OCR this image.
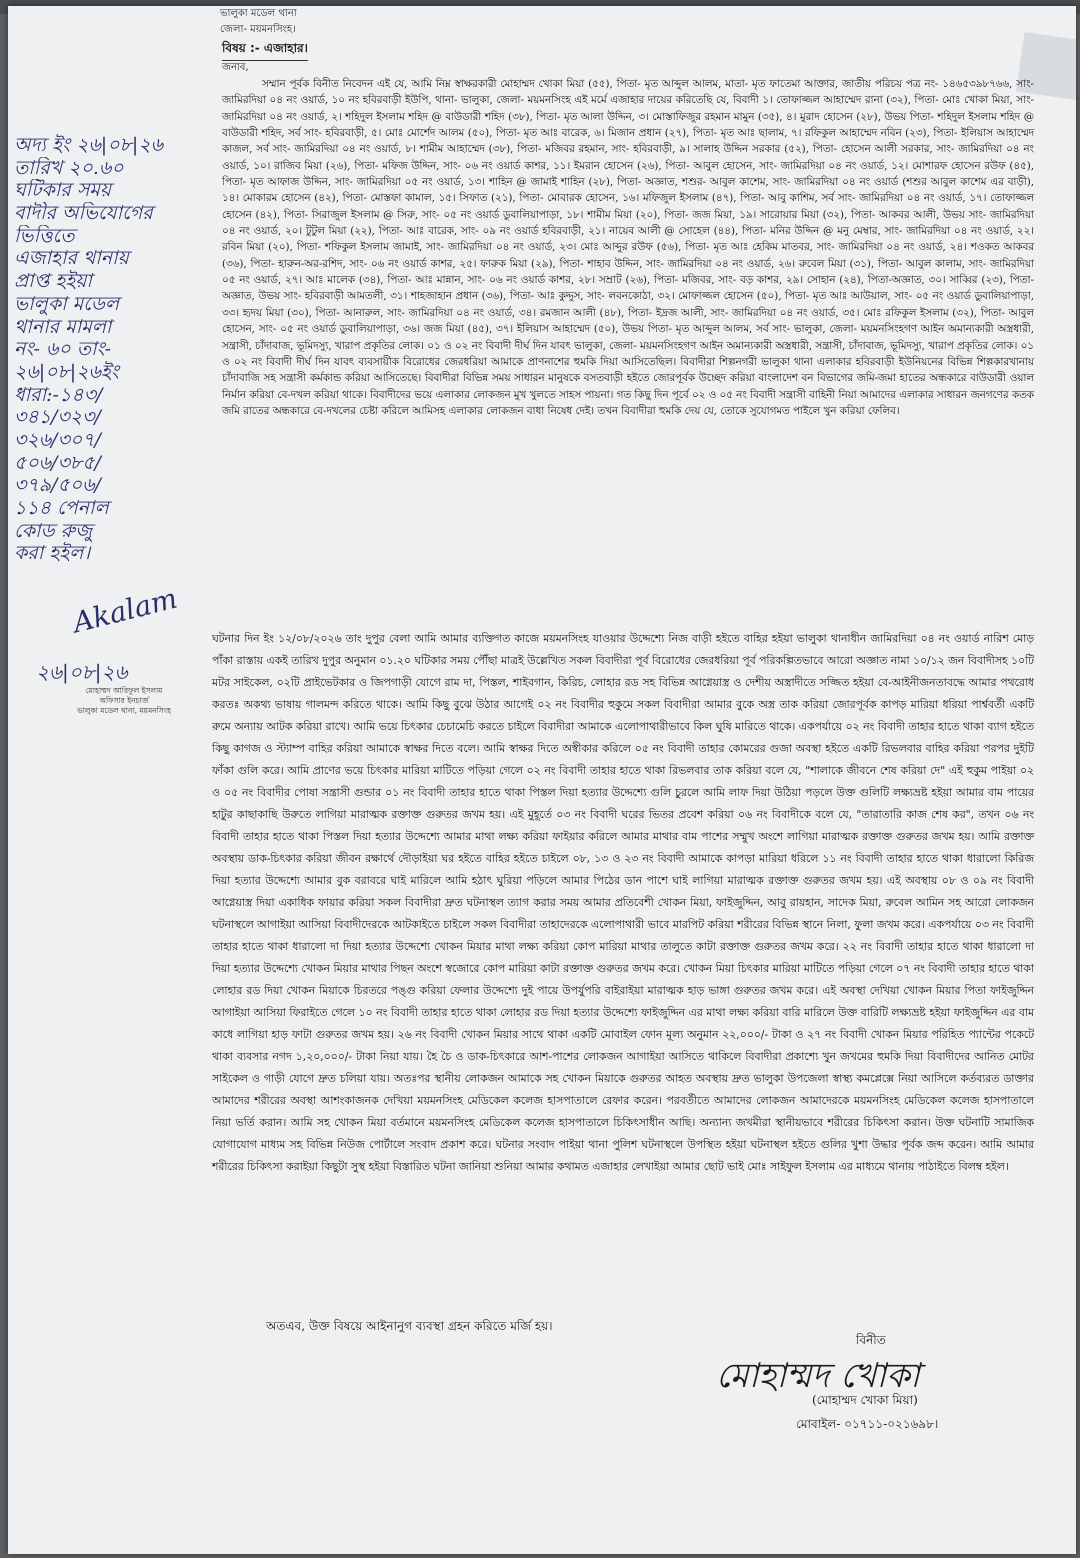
ভালুকা মডেল থানা
জেলা- ময়মনসিংহ।
বিষয় :- এজাহার।
জনাব,
অদ্য ইং ২৬|০৮|২৬
তারিখ ২০.৬০
ঘটিকার সময়
বাদীর অভিযোগের
ভিত্তিতে
এজাহার থানায়
প্রাপ্ত হইয়া
ভালুকা মডেল
থানার মামলা
নং- ৬০ তাং-
২৬|০৮|২৬ইং
ধারা:-১৪৩/
৩৪১/৩২৩/
৩২৬/৩০৭/
৫০৬/৩৮৫/
৩৭৯/৫০৬/
১১৪ পেনাল
কোড রুজু
করা হইল।
Akalam
২৬|০৮|২৬
মোহাম্মদ আরিফুল ইসলাম
অফিসার ইনচার্জ
ভালুকা মডেল থানা, ময়মনসিংহ

সম্মান পূর্বক বিনীত নিবেদন এই যে, আমি নিম্ন স্বাক্ষরকারী মোহাম্মদ খোকা মিয়া (৫৫), পিতা- মৃত আব্দুল আলম, মাতা- মৃত ফাতেমা আক্তার, জাতীয় পরিচয় পত্র নং- ১৪৬৫৩৯৮৭৬৬, সাং- জামিরদিয়া ০৪ নং ওয়ার্ড, ১০ নং হবিরবাড়ী ইউপি, থানা- ভালুকা, জেলা- ময়মনসিংহ এই মর্মে এজাহার দায়ের করিতেছি যে, বিবাদী ১। তোফাজ্জল আহাম্মেদ রানা (৩২), পিতা- মোঃ খোকা মিয়া, সাং- জামিরদিয়া ০৪ নং ওয়ার্ড, ২। শহিদুল ইসলাম শহিদ @ বাউডারী শহিদ (৩৮), পিতা- মৃত আলা উদ্দিন, ৩। মোস্তাফিজুর রহমান মামুন (৩৫), ৪। মুরাদ হোসেন (২৮), উভয় পিতা- শহিদুল ইসলাম শহিদ @ বাউডারী শহিদ, সর্ব সাং- হবিরবাড়ী, ৫। মোঃ মোর্শেদ আলম (৫০), পিতা- মৃত আঃ বারেক, ৬। মিজান প্রধান (২৭), পিতা- মৃত আঃ ছালাম, ৭। রফিকুল আহাম্মেদ নবিন (২৩), পিতা- ইলিয়াস আহাম্মেদ কাজল, সর্ব সাং- জামিরদিয়া ০৪ নং ওয়ার্ড, ৮। শামীম আহাম্মেদ (৩৮), পিতা- মজিবর রহমান, সাং- হবিরবাড়ী, ৯। সালাহ উদ্দিন সরকার (৫২), পিতা- হোসেন আলী সরকার, সাং- জামিরদিয়া ০৪ নং ওয়ার্ড, ১০। রাজিব মিয়া (২৬), পিতা- মফিজ উদ্দিন, সাং- ০৬ নং ওয়ার্ড কাশর, ১১। ইমরান হোসেন (২৬), পিতা- আবুল হোসেন, সাং- জামিরদিয়া ০৪ নং ওয়ার্ড, ১২। মোশারফ হোসেন রউফ (৪৫), পিতা- মৃত আফাজ উদ্দিন, সাং- জামিরদিয়া ০৫ নং ওয়ার্ড, ১৩। শাহিন @ জামাই শাহিন (২৮), পিতা- অজ্ঞাত, শশুর- আবুল কাশেম, সাং- জামিরদিয়া ০৪ নং ওয়ার্ড (শশুর আবুল কাশেম এর বাড়ী), ১৪। মোকারম হোসেন (৪২), পিতা- মোস্তফা কামাল, ১৫। সিফাত (২১), পিতা- মোবারক হোসেন, ১৬। মফিজুল ইসলাম (৪৭), পিতা- আবু কাশিম, সর্ব সাং- জামিরদিয়া ০৪ নং ওয়ার্ড, ১৭। তোফাজ্জল হোসেন (৪২), পিতা- সিরাজুল ইসলাম @ সিরু, সাং- ০৫ নং ওয়ার্ড ডুবালিয়াপাড়া, ১৮। শামীম মিয়া (২০), পিতা- জজ মিয়া, ১৯। সারোয়ার মিয়া (৩২), পিতা- আকবর আলী, উভয় সাং- জামিরদিয়া ০৪ নং ওয়ার্ড, ২০। টুটুল মিয়া (২২), পিতা- আঃ বারেক, সাং- ০৯ নং ওয়ার্ড হবিরবাড়ী, ২১। নায়েব আলী @ সোহেল (৪৪), পিতা- মনির উদ্দিন @ মনু মেম্বার, সাং- জামিরদিয়া ০৪ নং ওয়ার্ড, ২২। রবিন মিয়া (২০), পিতা- শফিকুল ইসলাম জামাই, সাং- জামিরদিয়া ০৪ নং ওয়ার্ড, ২৩। মোঃ আব্দুর রউফ (৫৬), পিতা- মৃত আঃ হেকিম মাতবর, সাং- জামিরদিয়া ০৪ নং ওয়ার্ড, ২৪। শওকত আকবর (৩৬), পিতা- হারুন-অর-রশিদ, সাং- ০৬ নং ওয়ার্ড কাশর, ২৫। ফারুক মিয়া (২৯), পিতা- শাহাব উদ্দিন, সাং- জামিরদিয়া ০৪ নং ওয়ার্ড, ২৬। রুবেল মিয়া (৩১), পিতা- আবুল কালাম, সাং- জামিরদিয়া ০৫ নং ওয়ার্ড, ২৭। আঃ মালেক (৩৪), পিতা- আঃ মান্নান, সাং- ০৬ নং ওয়ার্ড কাশর, ২৮। সম্রাট (২৬), পিতা- মজিবর, সাং- বড় কাশর, ২৯। সোহান (২৪), পিতা-অজ্ঞাত, ৩০। সাব্বির (২৩), পিতা- অজ্ঞাত, উভয় সাং- হবিরবাড়ী আমতলী, ৩১। শাহজাহান প্রধান (৩৬), পিতা- আঃ কুদ্দুস, সাং- লবনকোঠা, ৩২। মোফাজ্জল হোসেন (৫০), পিতা- মৃত আঃ আউয়াল, সাং- ০৫ নং ওয়ার্ড ডুবালিয়াপাড়া, ৩৩। হৃদয় মিয়া (৩০), পিতা- আনারুল, সাং- জামিরদিয়া ০৪ নং ওয়ার্ড, ৩৪। রমজান আলী (৪৮), পিতা- ইদ্রজ আলী, সাং- জামিরদিয়া ০৪ নং ওয়ার্ড, ৩৫। মোঃ রফিকুল ইসলাম (৩২), পিতা- আবুল হোসেন, সাং- ০৫ নং ওয়ার্ড ডুবালিয়াপাড়া, ৩৬। জজ মিয়া (৪৫), ৩৭। ইলিয়াস আহাম্মেদ (৫০), উভয় পিতা- মৃত আব্দুল আলম, সর্ব সাং- ভালুকা, জেলা- ময়মনসিংহগণ আইন অমান্যকারী অস্ত্রধারী, সন্ত্রাসী, চাঁদাবাজ, ভূমিদস্যু, খারাপ প্রকৃতির লোক। ০১ ও ০২ নং বিবাদী দীর্ঘ দিন যাবৎ ভালুকা, জেলা- ময়মনসিংহগণ আইন অমান্যকারী অস্ত্রধারী, সন্ত্রাসী, চাঁদাবাজ, ভূমিদস্যু, খারাপ প্রকৃতির লোক। ০১ ও ০২ নং বিবাদী দীর্ঘ দিন যাবৎ ব্যবসায়ীক বিরোধের জেরধরিয়া আমাকে প্রাণনাশের হুমকি দিয়া আসিতেছিল। বিবাদীরা শিল্পনগরী ভালুকা থানা এলাকার হবিরবাড়ী ইউনিয়নের বিভিন্ন শিল্পকারখানায় চাঁদাবাজি সহ সন্ত্রাসী কর্মকান্ড করিয়া আসিতেছে। বিবাদীরা বিভিন্ন সময় সাধারন মানুষকে বসতবাড়ী হইতে জোরপূর্বক উচ্ছেদ করিয়া বাংলাদেশ বন বিভাগের জমি-জমা হাতের অন্ধকারে বাউডারী ওয়াল নির্মান করিয়া বে-দখল করিয়া থাকে। বিবাদীদের ভয়ে এলাকার লোকজন মুখ খুলতে সাহস পায়না। গত কিছু দিন পূর্বে ০২ ও ০৫ নং বিবাদী সন্ত্রাসী বাহিনী নিয়া আমাদের এলাকার সাধারন জনগণের কতক জমি রাতের অন্ধকারে বে-দখলের চেষ্টা করিলে আমিসহ এলাকার লোকজন বাধা নিষেধ দেই। তখন বিবাদীরা হুমকি দেয় যে, তোকে সুযোগমত পাইলে খুন করিয়া ফেলিব।

ঘটনার দিন ইং ১২/০৮/২০২৬ তাং দুপুর বেলা আমি আমার ব্যক্তিগত কাজে ময়মনসিংহ যাওয়ার উদ্দেশ্যে নিজ বাড়ী হইতে বাহির হইয়া ভালুকা থানাধীন জামিরদিয়া ০৪ নং ওয়ার্ড নারিশ মোড় পাঁকা রাস্তায় একই তারিখ দুপুর অনুমান ০১.২০ ঘটিকার সময় পৌঁছা মাত্রই উল্লেখিত সকল বিবাদীরা পূর্ব বিরোধের জেরধরিয়া পূর্ব পরিকল্পিতভাবে আরো অজ্ঞাত নামা ১০/১২ জন বিবাদীসহ ১০টি মটর সাইকেল, ০২টি প্রাইভেটকার ও জিপগাড়ী যোগে রাম দা, পিস্তল, শাইবগান, কিরিচ, লোহার রড সহ বিভিন্ন আগ্নেয়াস্ত্র ও দেশীয় অস্ত্রাদীতে সজ্জিত হইয়া বে-আইনীজনতাবদ্ধে আমার পথরোধ করতঃ অকথ্য ভাষায় গালমন্দ করিতে থাকে। আমি কিছু বুঝে উঠার আগেই ০২ নং বিবাদীর হুকুমে সকল বিবাদীরা আমার বুকে অস্ত্র তাক করিয়া জোরপূর্বক কাপড় মারিয়া ধরিয়া পার্শ্ববর্তী একটি রুমে অন্যায় আটক করিয়া রাখে। আমি ভয়ে চিৎকার চেচামেচি করতে চাইলে বিবাদীরা আমাকে এলোপাথারীভাবে কিল ঘুষি মারিতে থাকে। একপর্যায়ে ০২ নং বিবাদী তাহার হাতে থাকা ব্যাগ হইতে কিছু কাগজ ও স্ট্যাম্প বাহির করিয়া আমাকে স্বাক্ষর দিতে বলে। আমি স্বাক্ষর দিতে অস্বীকার করিলে ০৫ নং বিবাদী তাহার কোমরের গুজা অবস্থা হইতে একটি রিভলবার বাহির করিয়া পরপর দুইটি ফাঁকা গুলি করে। আমি প্রাণের ভয়ে চিৎকার মারিয়া মাটিতে পড়িয়া গেলে ০২ নং বিবাদী তাহার হাতে থাকা রিভলবার তাক করিয়া বলে যে, "শালাকে জীবনে শেষ করিয়া দে" এই হুকুম পাইয়া ০২ ও ০৫ নং বিবাদীর পোষা সন্ত্রাসী গুন্ডার ০১ নং বিবাদী তাহার হাতে থাকা পিস্তল দিয়া হত্যার উদ্দেশ্যে গুলি চুরলে আমি লাফ দিয়া উঠিয়া পড়লে উক্ত গুলিটি লক্ষ্যভ্রষ্ট হইয়া আমার বাম পায়ের হাটুর কাছাকাছি উরুতে লাগিয়া মারাত্মক রক্তাক্ত গুরুতর জখম হয়। এই মুহূর্তে ০৩ নং বিবাদী ঘরের ভিতর প্রবেশ করিয়া ০৬ নং বিবাদীকে বলে যে, "তারাতারি কাজ শেষ কর", তখন ০৬ নং বিবাদী তাহার হাতে থাকা পিস্তল দিয়া হত্যার উদ্দেশ্যে আমার মাথা লক্ষ্য করিয়া ফাইয়ার করিলে আমার মাথার বাম পাশের সম্মুখ অংশে লাগিয়া মারাত্মক রক্তাক্ত গুরুতর জখম হয়। আমি রক্তাক্ত অবস্থায় ডাক-চিৎকার করিয়া জীবন রক্ষার্থে দৌড়াইয়া ঘর হইতে বাহির হইতে চাইলে ০৮, ১৩ ও ২৩ নং বিবাদী আমাকে কাপড়া মারিয়া ধরিলে ১১ নং বিবাদী তাহার হাতে থাকা ধারালো কিরিজ দিয়া হত্যার উদ্দেশ্যে আমার বুক বরাবরে ঘাই মারিলে আমি হঠাৎ ঘুরিয়া পড়িলে আমার পিঠের ডান পাশে ঘাই লাগিয়া মারাত্মক রক্তাক্ত গুরুতর জখম হয়। এই অবস্থায় ০৮ ও ০৯ নং বিবাদী আগ্নেয়াস্ত্র দিয়া একাধিক ফায়ার করিয়া সকল বিবাদীরা দ্রুত ঘটনাস্থল ত্যাগ করার সময় আমার প্রতিবেশী খোকন মিয়া, ফাইজুদ্দিন, আবু রায়হান, সাদেক মিয়া, রুবেল আমিন সহ আরো লোকজন ঘটনাস্থলে আগাইয়া আসিয়া বিবাদীদেরকে আটকাইতে চাইলে সকল বিবাদীরা তাহাদেরকে এলোপাথারী ভাবে মারপিট করিয়া শরীরের বিভিন্ন স্থানে নিলা, ফুলা জখম করে। একপর্যায়ে ০৩ নং বিবাদী তাহার হাতে থাকা ধারালো দা দিয়া হত্যার উদ্দেশ্যে খোকন মিয়ার মাথা লক্ষ্য করিয়া কোপ মারিয়া মাথার তালুতে কাটা রক্তাক্ত গুরুতর জখম করে। ২২ নং বিবাদী তাহার হাতে থাকা ধারালো দা দিয়া হত্যার উদ্দেশ্যে খোকন মিয়ার মাথার পিছন অংশে স্বজোরে কোপ মারিয়া কাটা রক্তাক্ত গুরুতর জখম করে। খোকন মিয়া চিৎকার মারিয়া মাটিতে পড়িয়া গেলে ০৭ নং বিবাদী তাহার হাতে থাকা লোহার রড দিয়া খোকন মিয়াকে চিরতরে পঙ্গু করিয়া ফেলার উদ্দেশ্যে দুই পায়ে উপর্যুপরি বাইরাইয়া মারাত্মক হাড় ভাঙ্গা গুরুতর জখম করে। এই অবস্থা দেখিয়া খোকন মিয়ার পিতা ফাইজুদ্দিন আগাইয়া আসিয়া ফিরাইতে গেলে ১০ নং বিবাদী তাহার হাতে থাকা লোহার রড দিয়া হত্যার উদ্দেশ্যে ফাইজুদ্দিন এর মাথা লক্ষ্য করিয়া বারি মারিলে উক্ত বারিটি লক্ষ্যভ্রষ্ট হইয়া ফাইজুদ্দিন এর বাম কাধে লাগিয়া হাড় ফাটা গুরুতর জখম হয়। ২৬ নং বিবাদী খোকন মিয়ার সাথে থাকা একটি মোবাইল ফোন মূল্য অনুমান ২২,০০০/- টাকা ও ২৭ নং বিবাদী খোকন মিয়ার পরিহিত প্যান্টের পকেটে থাকা ব্যবসার নগদ ১,২০,০০০/- টাকা নিয়া যায়। হৈ চৈ ও ডাক-চিৎকারে আশ-পাশের লোকজন আগাইয়া আসিতে থাকিলে বিবাদীরা প্রকাশ্যে খুন জখমের হুমকি দিয়া বিবাদীদের আনিত মোটর সাইকেল ও গাড়ী যোগে দ্রুত চলিয়া যায়। অতঃপর স্থানীয় লোকজন আমাকে সহ খোকন মিয়াকে গুরুতর আহত অবস্থায় দ্রুত ভালুকা উপজেলা স্বাস্থ্য কমপ্লেক্সে নিয়া আসিলে কর্তব্যরত ডাক্তার আমাদের শরীরের অবস্থা আশংকাজনক দেখিয়া ময়মনসিংহ মেডিকেল কলেজ হাসপাতালে রেফার করেন। পরবর্তীতে আমাদের লোকজন আমাদেরকে ময়মনসিংহ মেডিকেল কলেজ হাসপাতালে নিয়া ভর্তি করান। আমি সহ খোকন মিয়া বর্তমানে ময়মনসিংহ মেডিকেল কলেজ হাসপাতালে চিকিৎসাধীন আছি। অন্যান্য জখমীরা স্থানীয়ভাবে শরীরের চিকিৎসা করান। উক্ত ঘটনাটি সামাজিক যোগাযোগ মাধ্যম সহ বিভিন্ন নিউজ পোর্টালে সংবাদ প্রকাশ করে। ঘটনার সংবাদ পাইয়া থানা পুলিশ ঘটনাস্থলে উপস্থিত হইয়া ঘটনাস্থল হইতে গুলির খুশা উদ্ধার পূর্বক জব্দ করেন। আমি আমার শরীরের চিকিৎসা করাইয়া কিছুটা সুস্থ হইয়া বিস্তারিত ঘটনা জানিয়া শুনিয়া আমার কথামত এজাহার লেখাইয়া আমার ছোট ভাই মোঃ সাইফুল ইসলাম এর মাধ্যমে থানায় পাঠাইতে বিলম্ব হইল।

অতএব, উক্ত বিষয়ে আইনানুগ ব্যবস্থা গ্রহন করিতে মর্জি হয়।
বিনীত
মোহাম্মদ খোকা
(মোহাম্মদ খোকা মিয়া)
মোবাইল- ০১৭১১-০২১৬৯৮।
